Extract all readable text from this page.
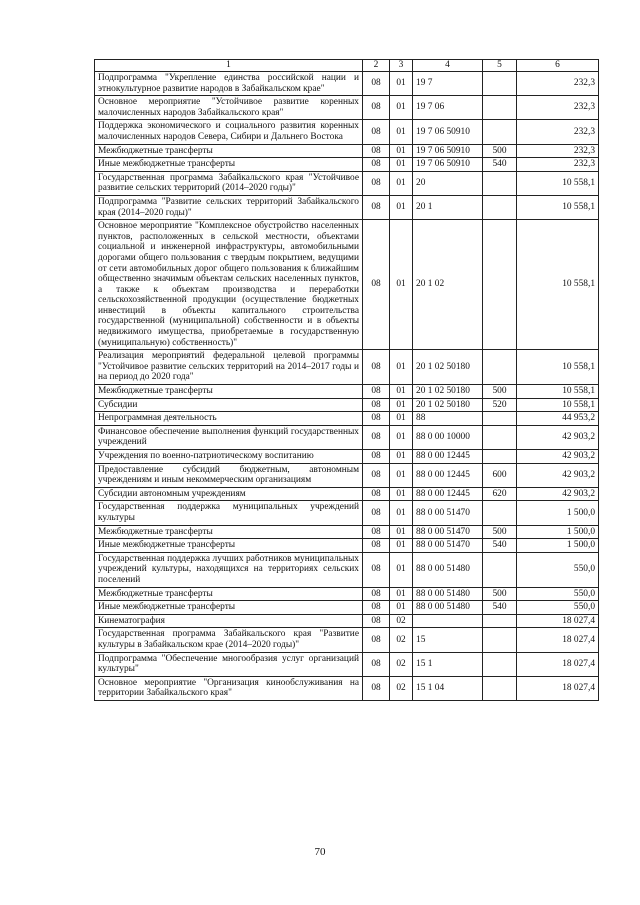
1	2	3	4	5	6
Подпрограмма "Укрепление единства российской нации и этнокультурное развитие народов в Забайкальском крае"	08	01	19 7		232,3
Основное мероприятие "Устойчивое развитие коренных малочисленных народов Забайкальского края"	08	01	19 7 06		232,3
Поддержка экономического и социального развития коренных малочисленных народов Севера, Сибири и Дальнего Востока	08	01	19 7 06 50910		232,3
Межбюджетные трансферты	08	01	19 7 06 50910	500	232,3
Иные межбюджетные трансферты	08	01	19 7 06 50910	540	232,3
Государственная программа Забайкальского края "Устойчивое развитие сельских территорий (2014–2020 годы)"	08	01	20		10 558,1
Подпрограмма "Развитие сельских территорий Забайкальского края (2014–2020 годы)"	08	01	20 1		10 558,1
Основное мероприятие "Комплексное обустройство населенных пунктов, расположенных в сельской местности, объектами социальной и инженерной инфраструктуры, автомобильными дорогами общего пользования с твердым покрытием, ведущими от сети автомобильных дорог общего пользования к ближайшим общественно значимым объектам сельских населенных пунктов, а также к объектам производства и переработки сельскохозяйственной продукции (осуществление бюджетных инвестиций в объекты капитального строительства государственной (муниципальной) собственности и в объекты недвижимого имущества, приобретаемые в государственную (муниципальную) собственность)"	08	01	20 1 02		10 558,1
Реализация мероприятий федеральной целевой программы "Устойчивое развитие сельских территорий на 2014–2017 годы и на период до 2020 года"	08	01	20 1 02 50180		10 558,1
Межбюджетные трансферты	08	01	20 1 02 50180	500	10 558,1
Субсидии	08	01	20 1 02 50180	520	10 558,1
Непрограммная деятельность	08	01	88		44 953,2
Финансовое обеспечение выполнения функций государственных учреждений	08	01	88 0 00 10000		42 903,2
Учреждения по военно-патриотическому воспитанию	08	01	88 0 00 12445		42 903,2
Предоставление субсидий бюджетным, автономным учреждениям и иным некоммерческим организациям	08	01	88 0 00 12445	600	42 903,2
Субсидии автономным учреждениям	08	01	88 0 00 12445	620	42 903,2
Государственная поддержка муниципальных учреждений культуры	08	01	88 0 00 51470		1 500,0
Межбюджетные трансферты	08	01	88 0 00 51470	500	1 500,0
Иные межбюджетные трансферты	08	01	88 0 00 51470	540	1 500,0
Государственная поддержка лучших работников муниципальных учреждений культуры, находящихся на территориях сельских поселений	08	01	88 0 00 51480		550,0
Межбюджетные трансферты	08	01	88 0 00 51480	500	550,0
Иные межбюджетные трансферты	08	01	88 0 00 51480	540	550,0
Кинематография	08	02			18 027,4
Государственная программа Забайкальского края "Развитие культуры в Забайкальском крае (2014–2020 годы)"	08	02	15		18 027,4
Подпрограмма "Обеспечение многообразия услуг организаций культуры"	08	02	15 1		18 027,4
Основное мероприятие "Организация кинообслуживания на территории Забайкальского края"	08	02	15 1 04		18 027,4
70
